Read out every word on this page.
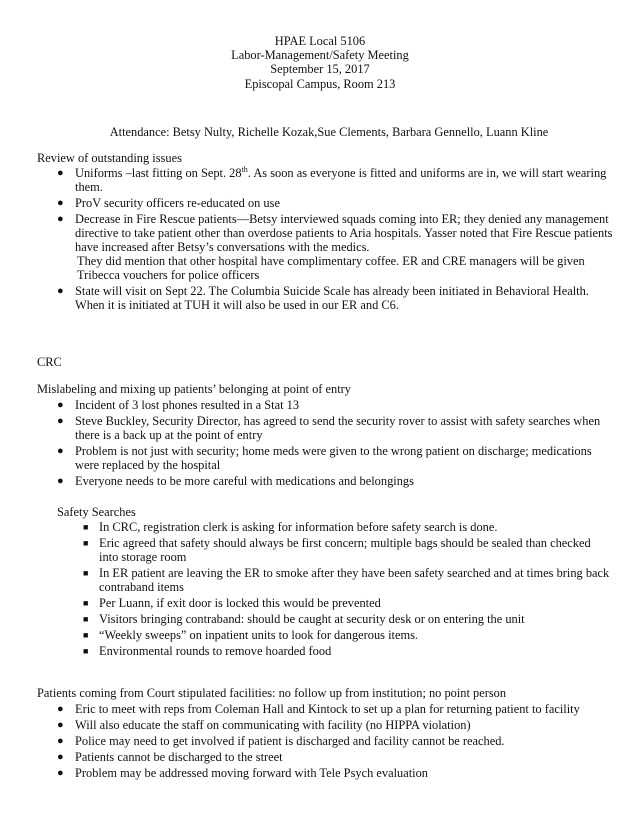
HPAE Local 5106
Labor-Management/Safety Meeting
September 15, 2017
Episcopal Campus, Room 213
Attendance: Betsy Nulty, Richelle Kozak,Sue Clements, Barbara Gennello, Luann Kline
Review of outstanding issues
● Uniforms –last fitting on Sept. 28th. As soon as everyone is fitted and uniforms are in, we will start wearing them.
● ProV security officers re-educated on use
● Decrease in Fire Rescue patients—Betsy interviewed squads coming into ER; they denied any management directive to take patient other than overdose patients to Aria hospitals. Yasser noted that Fire Rescue patients have increased after Betsy’s conversations with the medics.
They did mention that other hospital have complimentary coffee. ER and CRE managers will be given Tribecca vouchers for police officers
● State will visit on Sept 22. The Columbia Suicide Scale has already been initiated in Behavioral Health. When it is initiated at TUH it will also be used in our ER and C6.
CRC
Mislabeling and mixing up patients’ belonging at point of entry
● Incident of 3 lost phones resulted in a Stat 13
● Steve Buckley, Security Director, has agreed to send the security rover to assist with safety searches when there is a back up at the point of entry
● Problem is not just with security; home meds were given to the wrong patient on discharge; medications were replaced by the hospital
● Everyone needs to be more careful with medications and belongings
Safety Searches
■ In CRC, registration clerk is asking for information before safety search is done.
■ Eric agreed that safety should always be first concern; multiple bags should be sealed than checked into storage room
■ In ER patient are leaving the ER to smoke after they have been safety searched and at times bring back contraband items
■ Per Luann, if exit door is locked this would be prevented
■ Visitors bringing contraband: should be caught at security desk or on entering the unit
■ “Weekly sweeps” on inpatient units to look for dangerous items.
■ Environmental rounds to remove hoarded food
Patients coming from Court stipulated facilities: no follow up from institution; no point person
● Eric to meet with reps from Coleman Hall and Kintock to set up a plan for returning patient to facility
● Will also educate the staff on communicating with facility (no HIPPA violation)
● Police may need to get involved if patient is discharged and facility cannot be reached.
● Patients cannot be discharged to the street
● Problem may be addressed moving forward with Tele Psych evaluation
